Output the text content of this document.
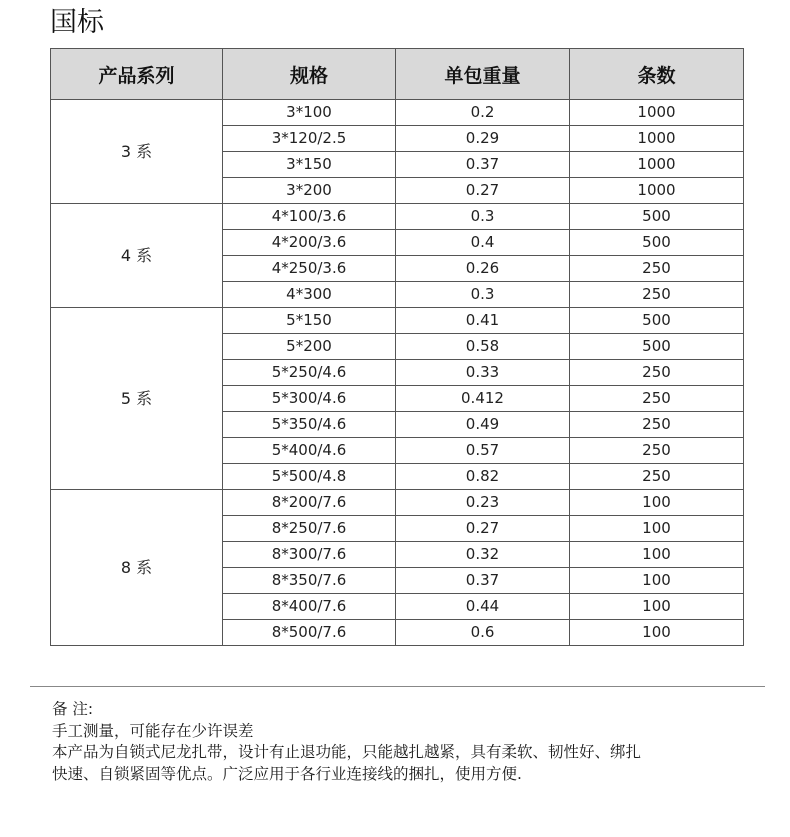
国标
产品系列	规格	单包重量	条数
3 系	3*100	0.2	1000
	3*120/2.5	0.29	1000
	3*150	0.37	1000
	3*200	0.27	1000
4 系	4*100/3.6	0.3	500
	4*200/3.6	0.4	500
	4*250/3.6	0.26	250
	4*300	0.3	250
5 系	5*150	0.41	500
	5*200	0.58	500
	5*250/4.6	0.33	250
	5*300/4.6	0.412	250
	5*350/4.6	0.49	250
	5*400/4.6	0.57	250
	5*500/4.8	0.82	250
8 系	8*200/7.6	0.23	100
	8*250/7.6	0.27	100
	8*300/7.6	0.32	100
	8*350/7.6	0.37	100
	8*400/7.6	0.44	100
	8*500/7.6	0.6	100
备 注:
手工测量，可能存在少许误差
本产品为自锁式尼龙扎带，设计有止退功能，只能越扎越紧，具有柔软、韧性好、绑扎
快速、自锁紧固等优点。广泛应用于各行业连接线的捆扎，使用方便.
